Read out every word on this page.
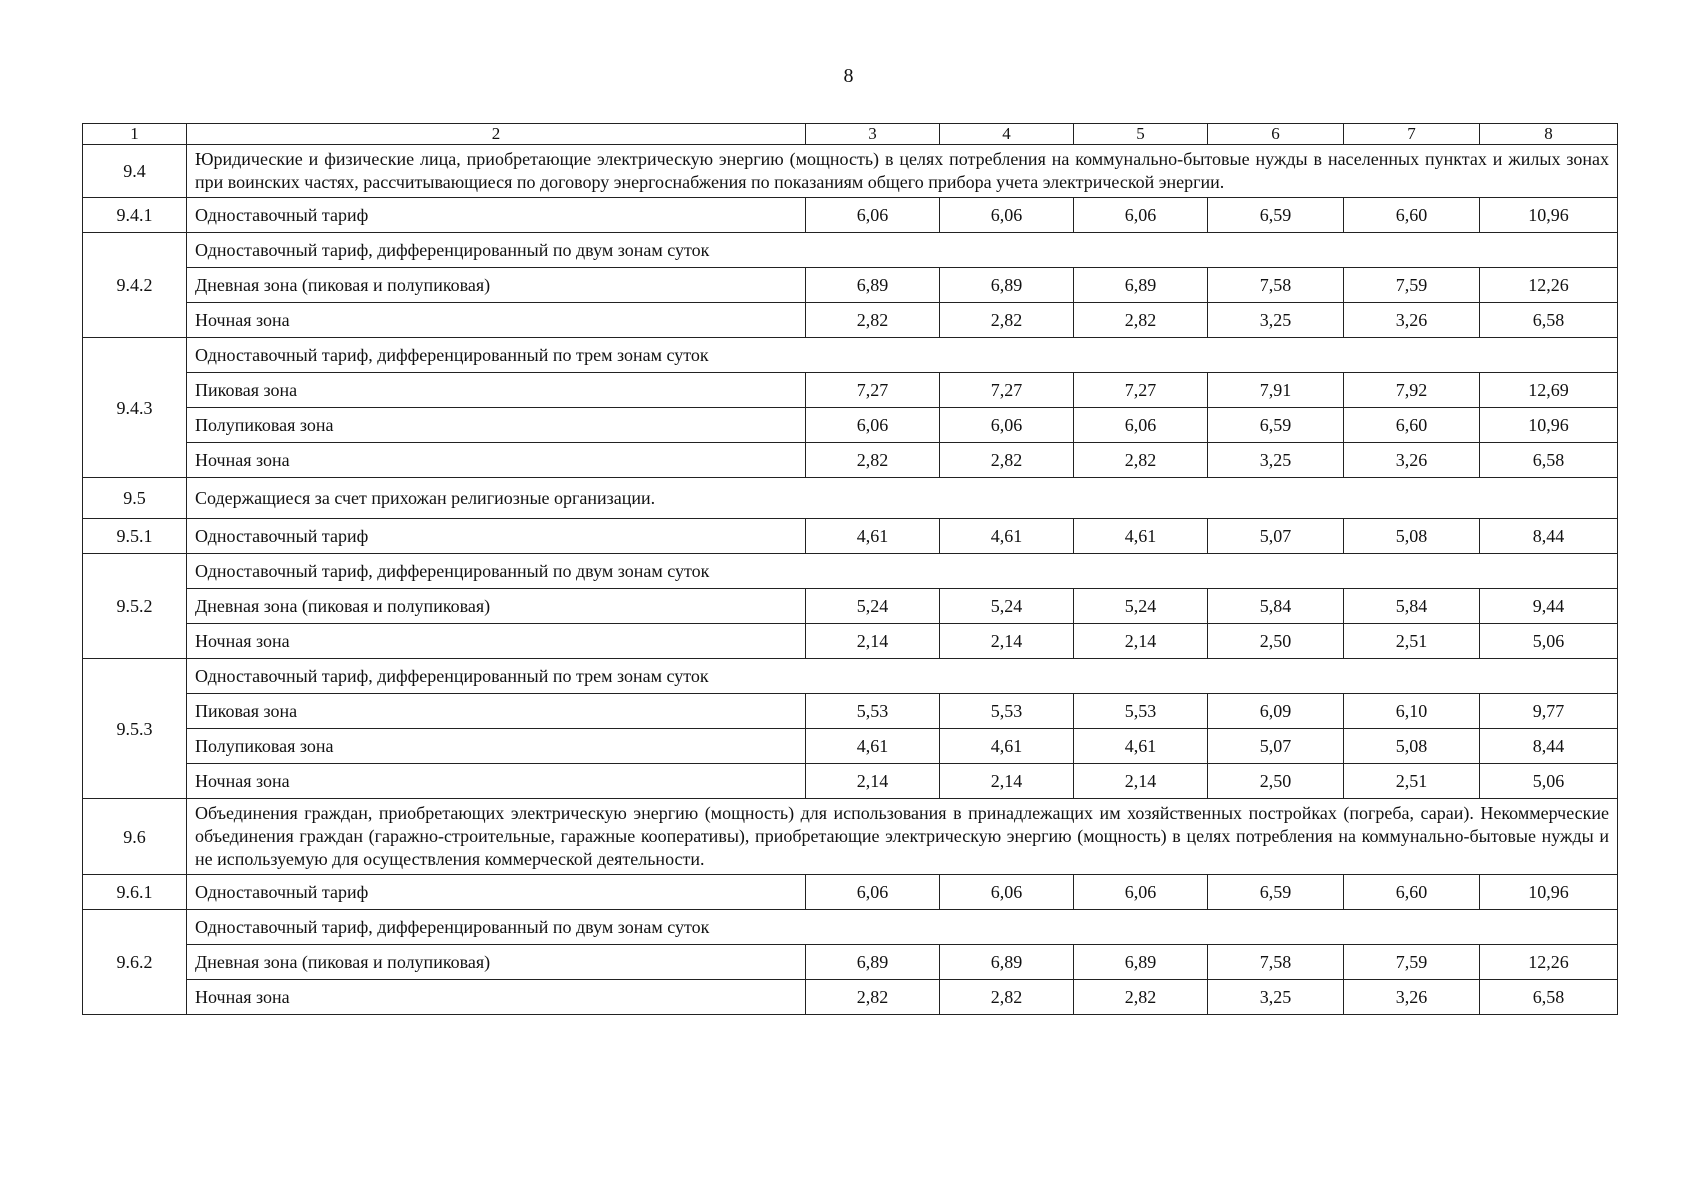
8
1	2	3	4	5	6	7	8
9.4	Юридические и физические лица, приобретающие электрическую энергию (мощность) в целях потребления на коммунально-бытовые нужды в населенных пунктах и жилых зонах при воинских частях, рассчитывающиеся по договору энергоснабжения по показаниям общего прибора учета электрической энергии.						
9.4.1	Одноставочный тариф	6,06	6,06	6,06	6,59	6,60	10,96
9.4.2	Одноставочный тариф, дифференцированный по двум зонам суток						
	Дневная зона (пиковая и полупиковая)	6,89	6,89	6,89	7,58	7,59	12,26
	Ночная зона	2,82	2,82	2,82	3,25	3,26	6,58
9.4.3	Одноставочный тариф, дифференцированный по трем зонам суток						
	Пиковая зона	7,27	7,27	7,27	7,91	7,92	12,69
	Полупиковая зона	6,06	6,06	6,06	6,59	6,60	10,96
	Ночная зона	2,82	2,82	2,82	3,25	3,26	6,58
9.5	Содержащиеся за счет прихожан религиозные организации.						
9.5.1	Одноставочный тариф	4,61	4,61	4,61	5,07	5,08	8,44
9.5.2	Одноставочный тариф, дифференцированный по двум зонам суток						
	Дневная зона (пиковая и полупиковая)	5,24	5,24	5,24	5,84	5,84	9,44
	Ночная зона	2,14	2,14	2,14	2,50	2,51	5,06
9.5.3	Одноставочный тариф, дифференцированный по трем зонам суток						
	Пиковая зона	5,53	5,53	5,53	6,09	6,10	9,77
	Полупиковая зона	4,61	4,61	4,61	5,07	5,08	8,44
	Ночная зона	2,14	2,14	2,14	2,50	2,51	5,06
9.6	Объединения граждан, приобретающих электрическую энергию (мощность) для использования в принадлежащих им хозяйственных постройках (погреба, сараи). Некоммерческие объединения граждан (гаражно-строительные, гаражные кооперативы), приобретающие электрическую энергию (мощность) в целях потребления на коммунально-бытовые нужды и не используемую для осуществления коммерческой деятельности.						
9.6.1	Одноставочный тариф	6,06	6,06	6,06	6,59	6,60	10,96
9.6.2	Одноставочный тариф, дифференцированный по двум зонам суток						
	Дневная зона (пиковая и полупиковая)	6,89	6,89	6,89	7,58	7,59	12,26
	Ночная зона	2,82	2,82	2,82	3,25	3,26	6,58
